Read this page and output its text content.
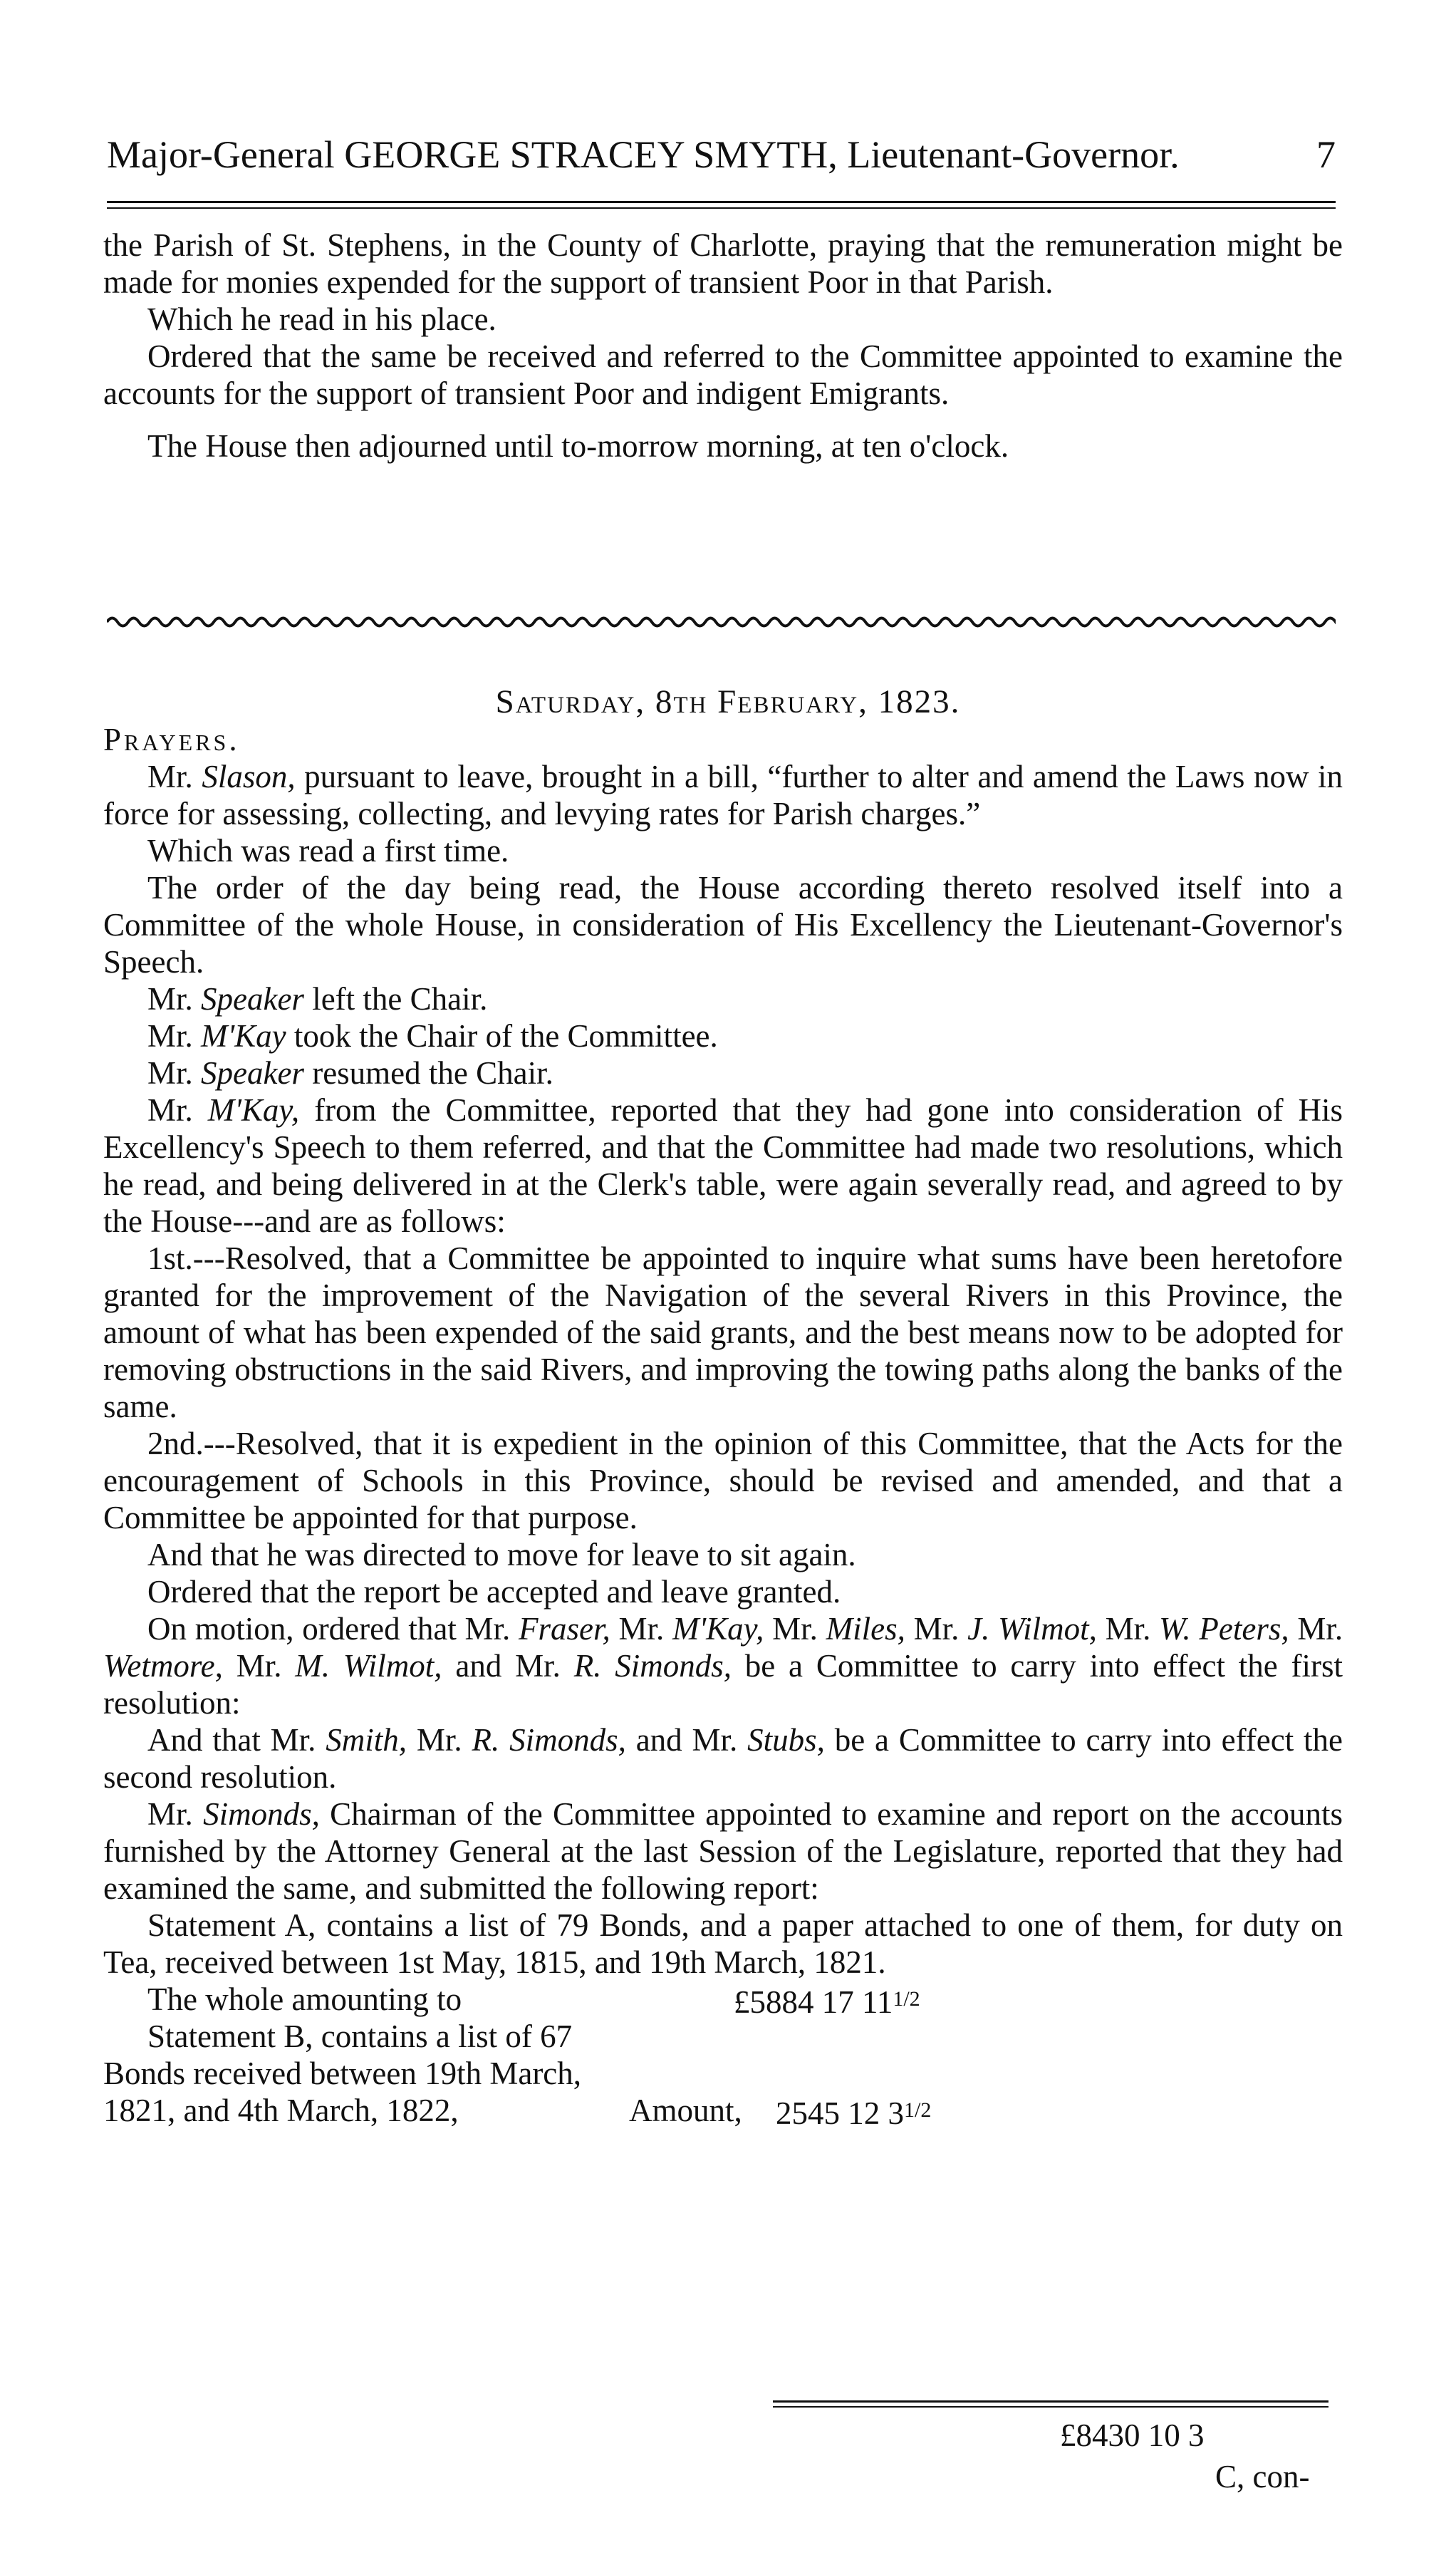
Major-General GEORGE STRACEY SMYTH, Lieutenant-Governor.	7

the Parish of St. Stephens, in the County of Charlotte, praying that the remuneration might be made for monies expended for the support of transient Poor in that Parish.

Which he read in his place.

Ordered that the same be received and referred to the Committee appointed to examine the accounts for the support of transient Poor and indigent Emigrants.

The House then adjourned until to-morrow morning, at ten o'clock.

Saturday, 8th February, 1823.

Prayers.

Mr. Slason, pursuant to leave, brought in a bill, “further to alter and amend the Laws now in force for assessing, collecting, and levying rates for Parish charges.”

Which was read a first time.

The order of the day being read, the House according thereto resolved itself into a Committee of the whole House, in consideration of His Excellency the Lieutenant-Governor's Speech.

Mr. Speaker left the Chair.

Mr. M'Kay took the Chair of the Committee.

Mr. Speaker resumed the Chair.

Mr. M'Kay, from the Committee, reported that they had gone into consideration of His Excellency's Speech to them referred, and that the Committee had made two resolutions, which he read, and being delivered in at the Clerk's table, were again severally read, and agreed to by the House---and are as follows:

1st.---Resolved, that a Committee be appointed to inquire what sums have been heretofore granted for the improvement of the Navigation of the several Rivers in this Province, the amount of what has been expended of the said grants, and the best means now to be adopted for removing obstructions in the said Rivers, and improving the towing paths along the banks of the same.

2nd.---Resolved, that it is expedient in the opinion of this Committee, that the Acts for the encouragement of Schools in this Province, should be revised and amended, and that a Committee be appointed for that purpose.

And that he was directed to move for leave to sit again.

Ordered that the report be accepted and leave granted.

On motion, ordered that Mr. Fraser, Mr. M'Kay, Mr. Miles, Mr. J. Wilmot, Mr. W. Peters, Mr. Wetmore, Mr. M. Wilmot, and Mr. R. Simonds, be a Committee to carry into effect the first resolution:

And that Mr. Smith, Mr. R. Simonds, and Mr. Stubs, be a Committee to carry into effect the second resolution.

Mr. Simonds, Chairman of the Committee appointed to examine and report on the accounts furnished by the Attorney General at the last Session of the Legislature, reported that they had examined the same, and submitted the following report:

Statement A, contains a list of 79 Bonds, and a paper attached to one of them, for duty on Tea, received between 1st May, 1815, and 19th March, 1821.

The whole amounting to	£5884 17 $11^{1/2}$
Statement B, contains a list of 67
Bonds received between 19th March,
1821, and 4th March, 1822,	Amount, 2545 12 $3^{1/2}$
£8430 10 3
C, con-
